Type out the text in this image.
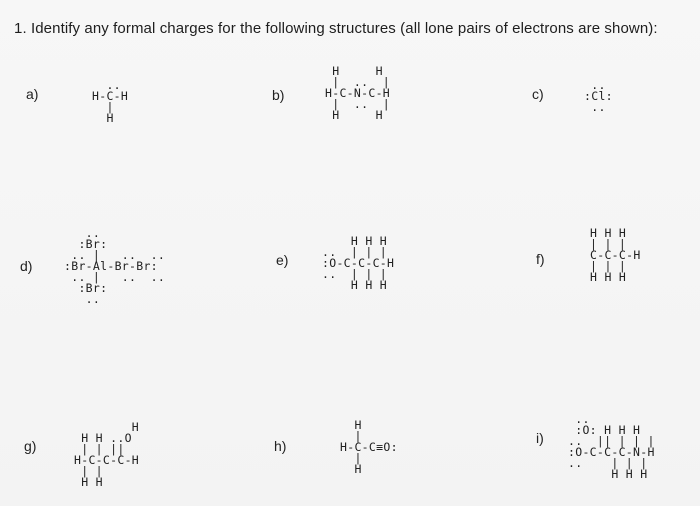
1. Identify any formal charges for the following structures (all lone pairs of electrons are shown):
a)
..
H-C-H
|
H
b)
H     H
|  ..  |
H-C-N-C-H
|  ..  |
H     H
c)
..
:Cl:
..
d)
..
:Br:
.. |   ..  ..
:Br-Al-Br-Br:
.. |   ..  ..
:Br:
..
e)
H H H
..  | | |
:O-C-C-C-H
..  | | |
H H H
f)
H H H
| | |
C-C-C-H
| | |
H H H
g)
H
H H ..O
| | ||
H-C-C-C-H
| |
H H
h)
H
|
H-C-C≡O:
|
H
i)
..
:O: H H H
..  || | | |
:O-C-C-C-N-H
..    | | |
H H H
